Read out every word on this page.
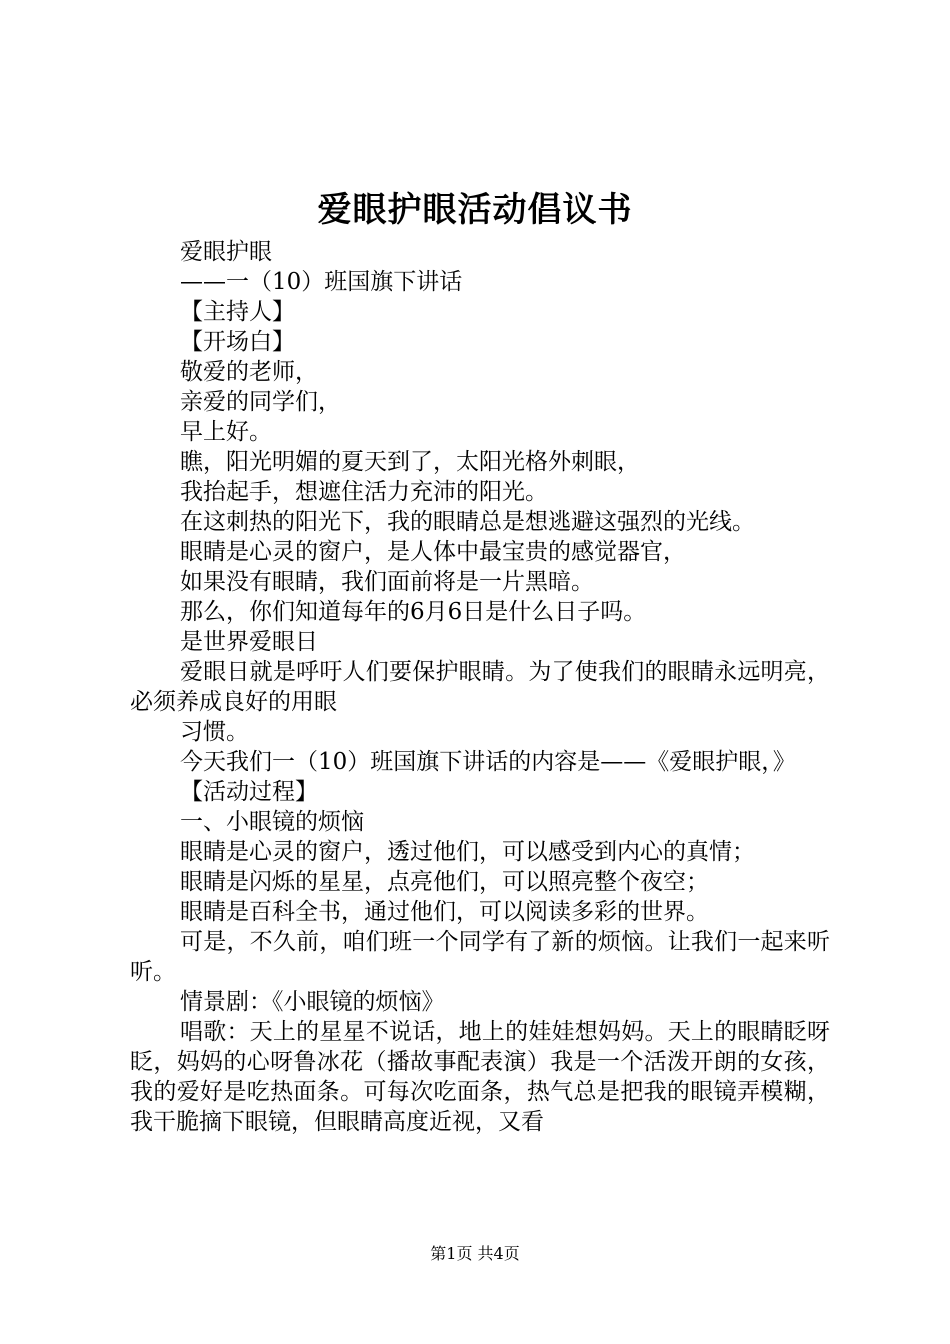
爱眼护眼活动倡议书

爱眼护眼

——一（10）班国旗下讲话

【主持人】

【开场白】

敬爱的老师，

亲爱的同学们，

早上好。

瞧，阳光明媚的夏天到了，太阳光格外刺眼，

我抬起手，想遮住活力充沛的阳光。

在这刺热的阳光下，我的眼睛总是想逃避这强烈的光线。

眼睛是心灵的窗户，是人体中最宝贵的感觉器官，

如果没有眼睛，我们面前将是一片黑暗。

那么，你们知道每年的6月6日是什么日子吗。

是世界爱眼日

爱眼日就是呼吁人们要保护眼睛。为了使我们的眼睛永远明亮，必须养成良好的用眼

习惯。

今天我们一（10）班国旗下讲话的内容是——《爱眼护眼，》

【活动过程】

一、小眼镜的烦恼

眼睛是心灵的窗户，透过他们，可以感受到内心的真情；

眼睛是闪烁的星星，点亮他们，可以照亮整个夜空；

眼睛是百科全书，通过他们，可以阅读多彩的世界。

可是，不久前，咱们班一个同学有了新的烦恼。让我们一起来听听。

情景剧：《小眼镜的烦恼》

唱歌：天上的星星不说话，地上的娃娃想妈妈。天上的眼睛眨呀眨，妈妈的心呀鲁冰花（播故事配表演）我是一个活泼开朗的女孩，我的爱好是吃热面条。可每次吃面条，热气总是把我的眼镜弄模糊，我干脆摘下眼镜，但眼睛高度近视，又看

第1页 共4页
